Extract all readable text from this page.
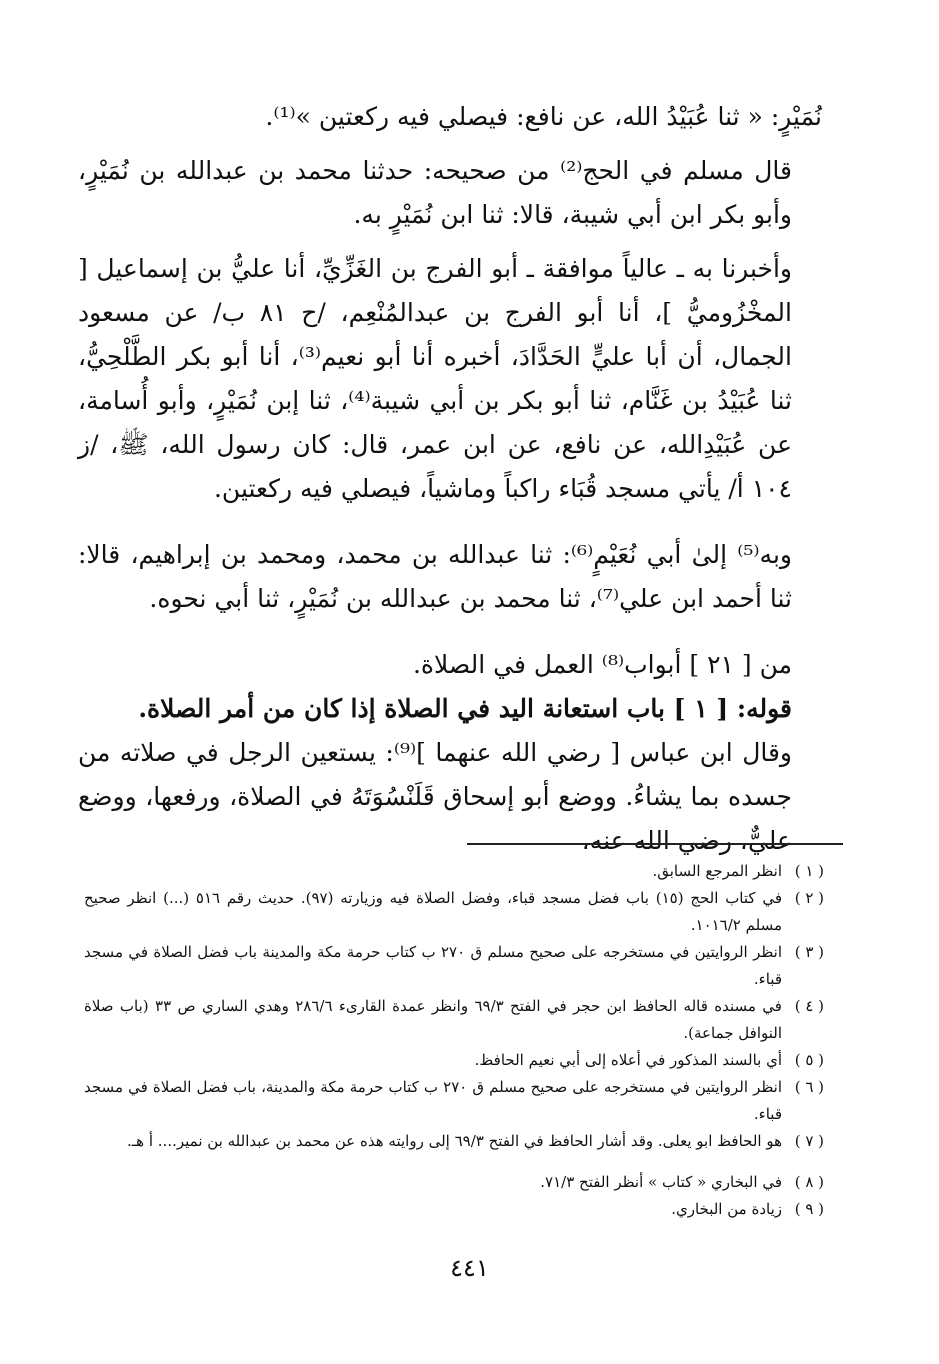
نُمَيْرٍ: « ثنا عُبَيْدُ الله، عن نافع: فيصلي فيه ركعتين »⁽¹⁾.

قال مسلم في الحج⁽²⁾ من صحيحه: حدثنا محمد بن عبدالله بن نُمَيْرٍ، وأبو بكر ابن أبي شيبة، قالا: ثنا ابن نُمَيْرٍ به.

وأخبرنا به ـ عالياً موافقة ـ أبو الفرج بن الغَزِّيِّ، أنا عليُّ بن إسماعيل [ المخْزُوميُّ ]، أنا أبو الفرج بن عبدالمُنْعِم، /ح ٨١ ب/ عن مسعود الجمال، أن أبا عليٍّ الحَدَّادَ، أخبره أنا أبو نعيم⁽³⁾، أنا أبو بكر الطَّلْحِيُّ، ثنا عُبَيْدُ بن غَنَّام، ثنا أبو بكر بن أبي شيبة⁽⁴⁾، ثنا إبن نُمَيْرٍ، وأبو أُسامة، عن عُبَيْدِالله، عن نافع، عن ابن عمر، قال: كان رسول الله، ﷺ، /ز ١٠٤ أ/ يأتي مسجد قُبَاء راكباً وماشياً، فيصلي فيه ركعتين.

وبه⁽⁵⁾ إلىٰ أبي نُعَيْمٍ⁽⁶⁾: ثنا عبدالله بن محمد، ومحمد بن إبراهيم، قالا: ثنا أحمد ابن علي⁽⁷⁾، ثنا محمد بن عبدالله بن نُمَيْرٍ، ثنا أبي نحوه.

من [ ٢١ ] أبواب⁽⁸⁾ العمل في الصلاة.

قوله: [ ١ ] باب استعانة اليد في الصلاة إذا كان من أمر الصلاة.

وقال ابن عباس [ رضي الله عنهما ]⁽⁹⁾: يستعين الرجل في صلاته من جسده بما يشاءُ. ووضع أبو إسحاق قَلَنْسُوَتَهُ في الصلاة، ورفعها، ووضع عليٌّ، رضي الله عنه،

( ١ )
انظر المرجع السابق.
( ٢ )
في كتاب الحج (١٥) باب فضل مسجد قباء، وفضل الصلاة فيه وزيارته (٩٧). حديث رقم ٥١٦ (...) انظر صحيح مسلم ١٠١٦/٢.
( ٣ )
انظر الروايتين في مستخرجه على صحيح مسلم ق ٢٧٠ ب كتاب حرمة مكة والمدينة باب فضل الصلاة في مسجد قباء.
( ٤ )
في مسنده قاله الحافظ ابن حجر في الفتح ٦٩/٣ وانظر عمدة القارىء ٢٨٦/٦ وهدي الساري ص ٣٣ (باب صلاة النوافل جماعة).
( ٥ )
أي بالسند المذكور في أعلاه إلى أبي نعيم الحافظ.
( ٦ )
انظر الروايتين في مستخرجه على صحيح مسلم ق ٢٧٠ ب كتاب حرمة مكة والمدينة، باب فضل الصلاة في مسجد قباء.
( ٧ )
هو الحافظ ابو يعلى. وقد أشار الحافظ في الفتح ٦٩/٣ إلى روايته هذه عن محمد بن عبدالله بن نمير.... أ هـ.
( ٨ )
في البخاري « كتاب » أنظر الفتح ٧١/٣.
( ٩ )
زيادة من البخاري.
٤٤١
